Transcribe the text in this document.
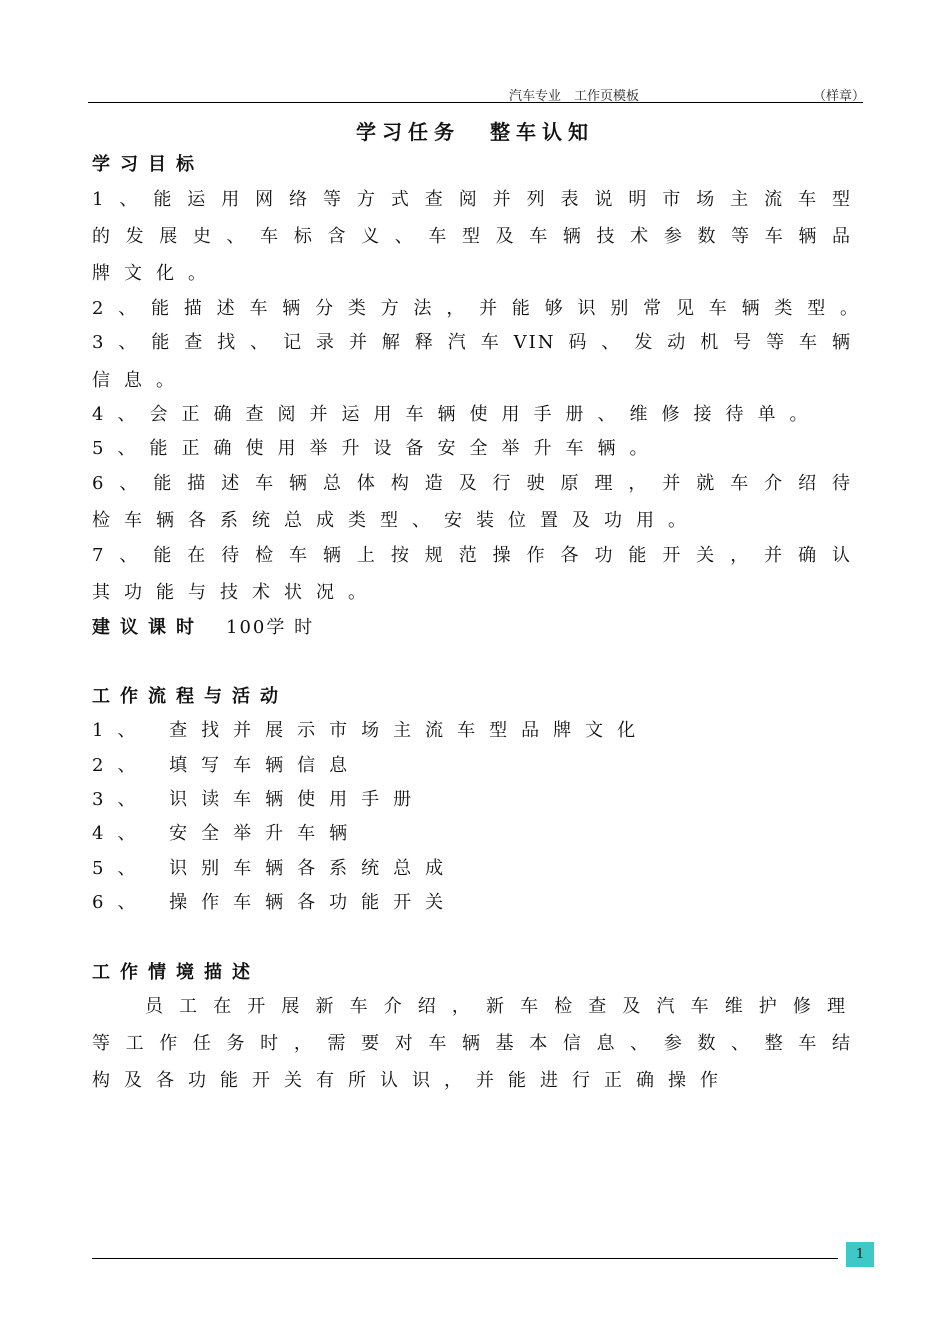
汽车专业　工作页模板	（样章）
学习任务 整车认知
学习目标
1、能运用网络等方式查阅并列表说明市场主流车型
的发展史、车标含义、车型及车辆技术参数等车辆品
牌文化。
2、能描述车辆分类方法，并能够识别常见车辆类型。
3、能查找、记录并解释汽车VIN码、发动机号等车辆
信息。
4、会正确查阅并运用车辆使用手册、维修接待单。
5、能正确使用举升设备安全举升车辆。
6、能描述车辆总体构造及行驶原理，并就车介绍待
检车辆各系统总成类型、安装位置及功用。
7、能在待检车辆上按规范操作各功能开关，并确认
其功能与技术状况。
建议课时 100学 时
工作流程与活动
1、 查找并展示市场主流车型品牌文化
2、 填写车辆信息
3、 识读车辆使用手册
4、 安全举升车辆
5、 识别车辆各系统总成
6、 操作车辆各功能开关
工作情境描述
员工在开展新车介绍，新车检查及汽车维护修理
等工作任务时，需要对车辆基本信息、参数、整车结
构及各功能开关有所认识，并能进行正确操作
1
